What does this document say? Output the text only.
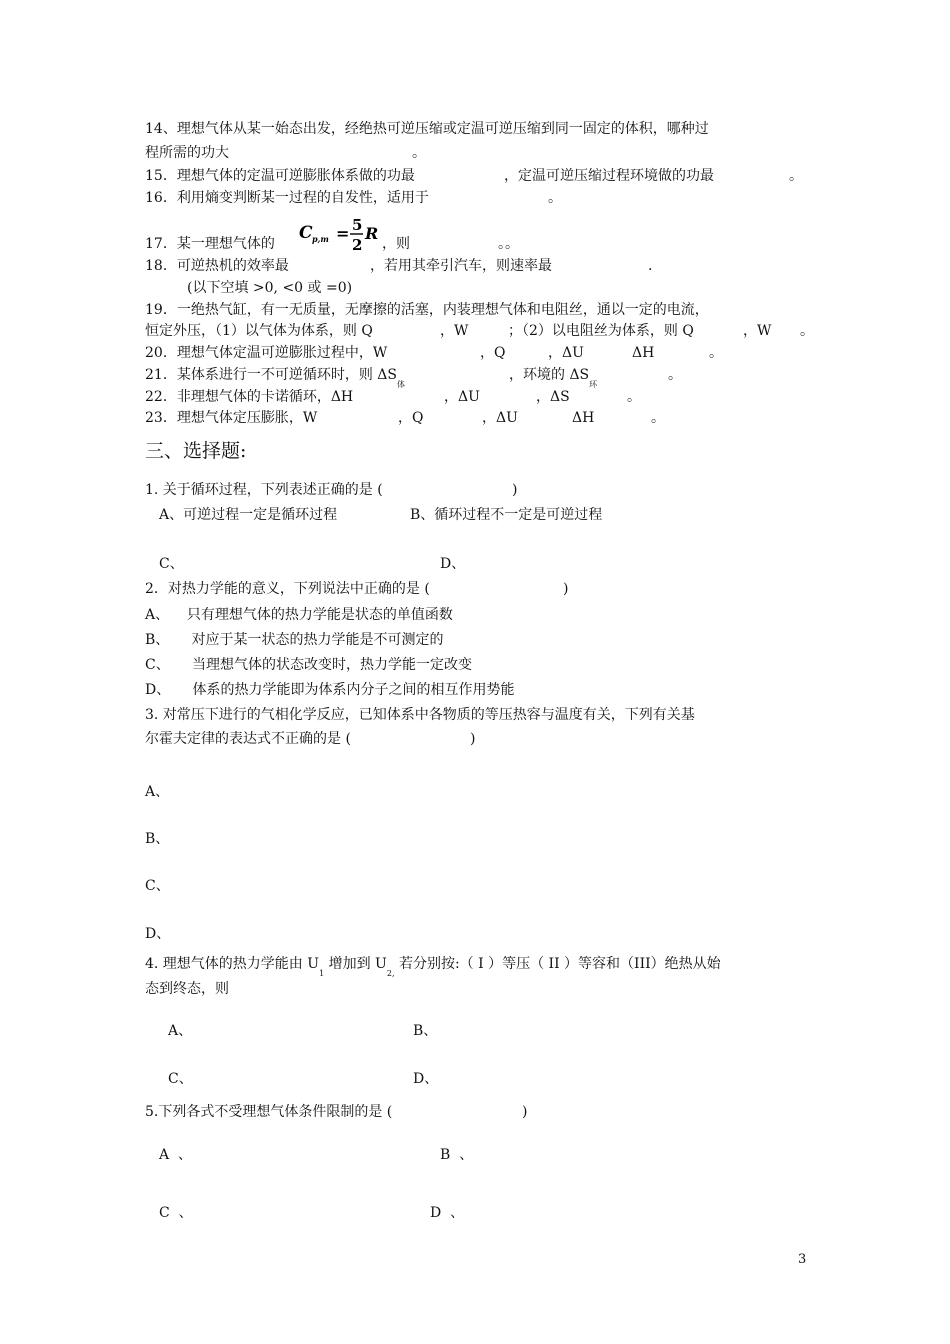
14、理想气体从某一始态出发，经绝热可逆压缩或定温可逆压缩到同一固定的体积，哪种过
程所需的功大	。
15．理想气体的定温可逆膨胀体系做的功最	，定温可逆压缩过程环境做的功最	。
16．利用熵变判断某一过程的自发性，适用于	。
17．某一理想气体的
C p,m = 5
2
R
，则	。。
18．可逆热机的效率最	，若用其牵引汽车，则速率最	.
(以下空填 >0, <0 或 =0)
19．一绝热气缸，有一无质量，无摩擦的活塞，内装理想气体和电阻丝，通以一定的电流，
恒定外压，（1）以气体为体系，则 Q	，W	；（2）以电阻丝为体系，则 Q	，W 。
20．理想气体定温可逆膨胀过程中，W	，Q	，ΔU	ΔH	。
21．某体系进行一不可逆循环时，则 $\Delta S_体$
，环境的 $\Delta S_环$
。
22．非理想气体的卡诺循环，ΔH	，ΔU	，ΔS	。
23．理想气体定压膨胀，W	，Q	，ΔU	ΔH	。
三、选择题:
1. 关于循环过程，下列表述正确的是 (	)
A、可逆过程一定是循环过程	B、循环过程不一定是可逆过程
C、	D、
2．对热力学能的意义，下列说法中正确的是 (	)
A、    只有理想气体的热力学能是状态的单值函数
B、     对应于某一状态的热力学能是不可测定的
C、     当理想气体的状态改变时，热力学能一定改变
D、     体系的热力学能即为体系内分子之间的相互作用势能
3. 对常压下进行的气相化学反应，已知体系中各物质的等压热容与温度有关，下列有关基
尔霍夫定律的表达式不正确的是 (	)
A、
B、
C、
D、
4. 理想气体的热力学能由 $U_1$ 增加到 $U_{2,}$ 若分别按:（ I ）等压（ II ）等容和（III）绝热从始
态到终态，则
A、	B、
C、	D、
5.下列各式不受理想气体条件限制的是 (	)
A  、	B  、
C  、	D  、
3
